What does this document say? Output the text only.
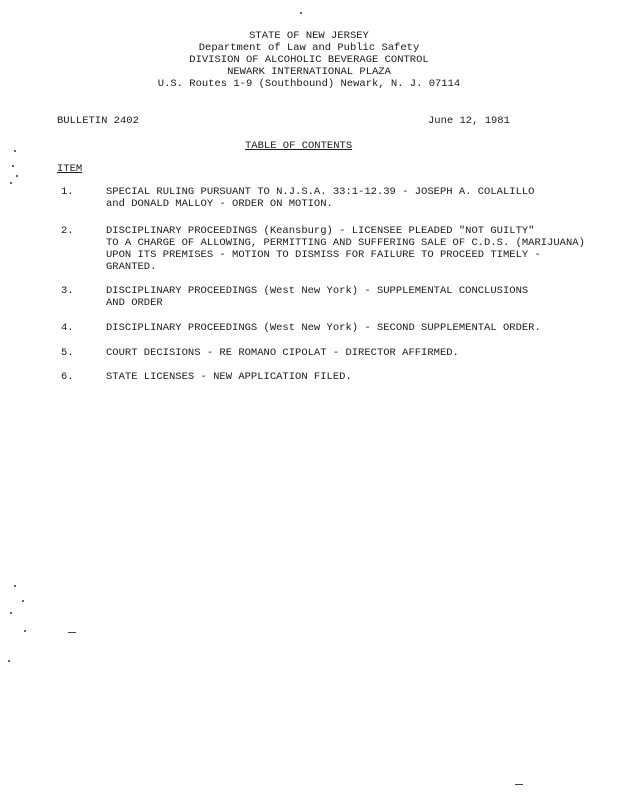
STATE OF NEW JERSEY
Department of Law and Public Safety
DIVISION OF ALCOHOLIC BEVERAGE CONTROL
NEWARK INTERNATIONAL PLAZA
U.S. Routes 1-9 (Southbound) Newark, N. J. 07114
BULLETIN 2402	June 12, 1981
TABLE OF CONTENTS
ITEM
1.	SPECIAL RULING PURSUANT TO N.J.S.A. 33:1-12.39 - JOSEPH A. COLALILLO
and DONALD MALLOY - ORDER ON MOTION.
2.	DISCIPLINARY PROCEEDINGS (Keansburg) - LICENSEE PLEADED "NOT GUILTY"
TO A CHARGE OF ALLOWING, PERMITTING AND SUFFERING SALE OF C.D.S. (MARIJUANA)
UPON ITS PREMISES - MOTION TO DISMISS FOR FAILURE TO PROCEED TIMELY -
GRANTED.
3.	DISCIPLINARY PROCEEDINGS (West New York) - SUPPLEMENTAL CONCLUSIONS
AND ORDER
4.	DISCIPLINARY PROCEEDINGS (West New York) - SECOND SUPPLEMENTAL ORDER.
5.	COURT DECISIONS - RE ROMANO CIPOLAT - DIRECTOR AFFIRMED.
6.	STATE LICENSES - NEW APPLICATION FILED.
